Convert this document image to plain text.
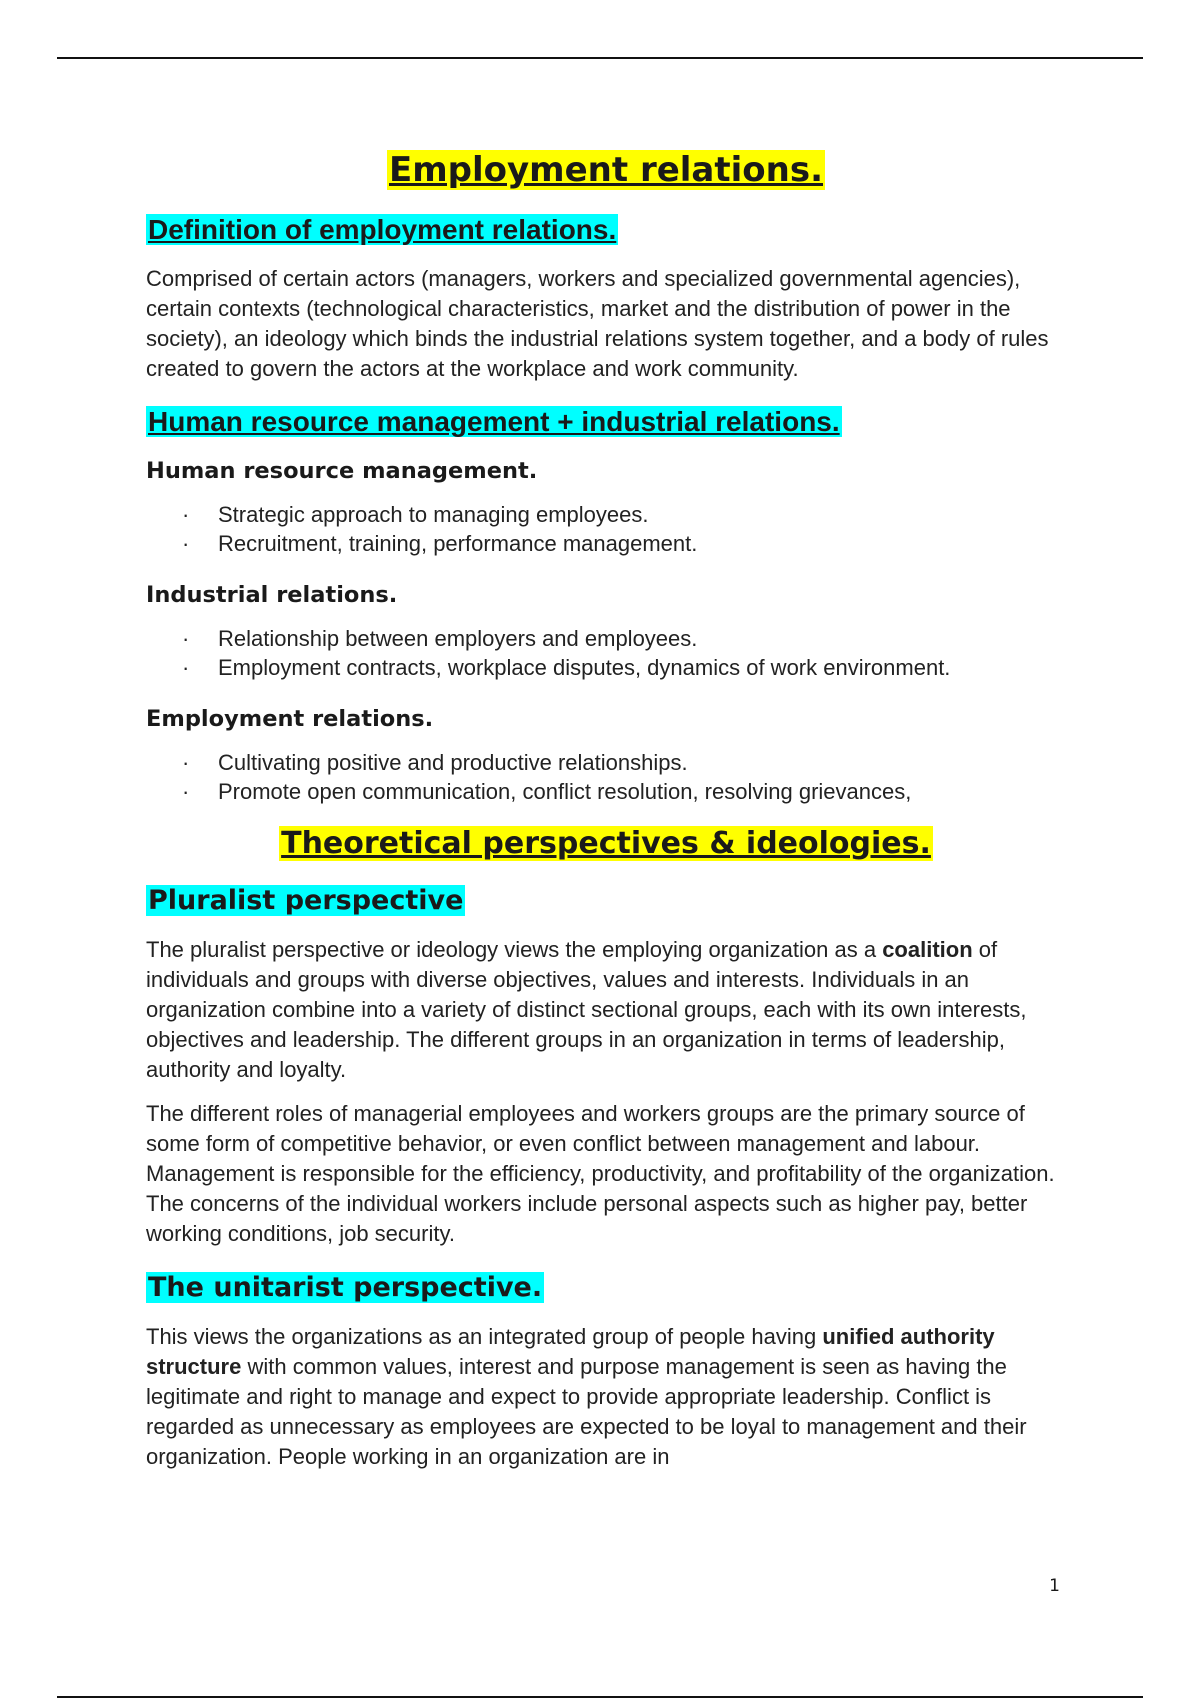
Employment relations.
Definition of employment relations.

Comprised of certain actors (managers, workers and specialized governmental agencies), certain contexts (technological characteristics, market and the distribution of power in the society), an ideology which binds the industrial relations system together, and a body of rules created to govern the actors at the workplace and work community.

Human resource management + industrial relations.
Human resource management.
· Strategic approach to managing employees.
· Recruitment, training, performance management.
Industrial relations.
· Relationship between employers and employees.
· Employment contracts, workplace disputes, dynamics of work environment.
Employment relations.
· Cultivating positive and productive relationships.
· Promote open communication, conflict resolution, resolving grievances,
Theoretical perspectives & ideologies.
Pluralist perspective

The pluralist perspective or ideology views the employing organization as a coalition of individuals and groups with diverse objectives, values and interests. Individuals in an organization combine into a variety of distinct sectional groups, each with its own interests, objectives and leadership. The different groups in an organization in terms of leadership, authority and loyalty.

The different roles of managerial employees and workers groups are the primary source of some form of competitive behavior, or even conflict between management and labour. Management is responsible for the efficiency, productivity, and profitability of the organization. The concerns of the individual workers include personal aspects such as higher pay, better working conditions, job security.

The unitarist perspective.

This views the organizations as an integrated group of people having unified authority structure with common values, interest and purpose management is seen as having the legitimate and right to manage and expect to provide appropriate leadership. Conflict is regarded as unnecessary as employees are expected to be loyal to management and their organization. People working in an organization are in

1
